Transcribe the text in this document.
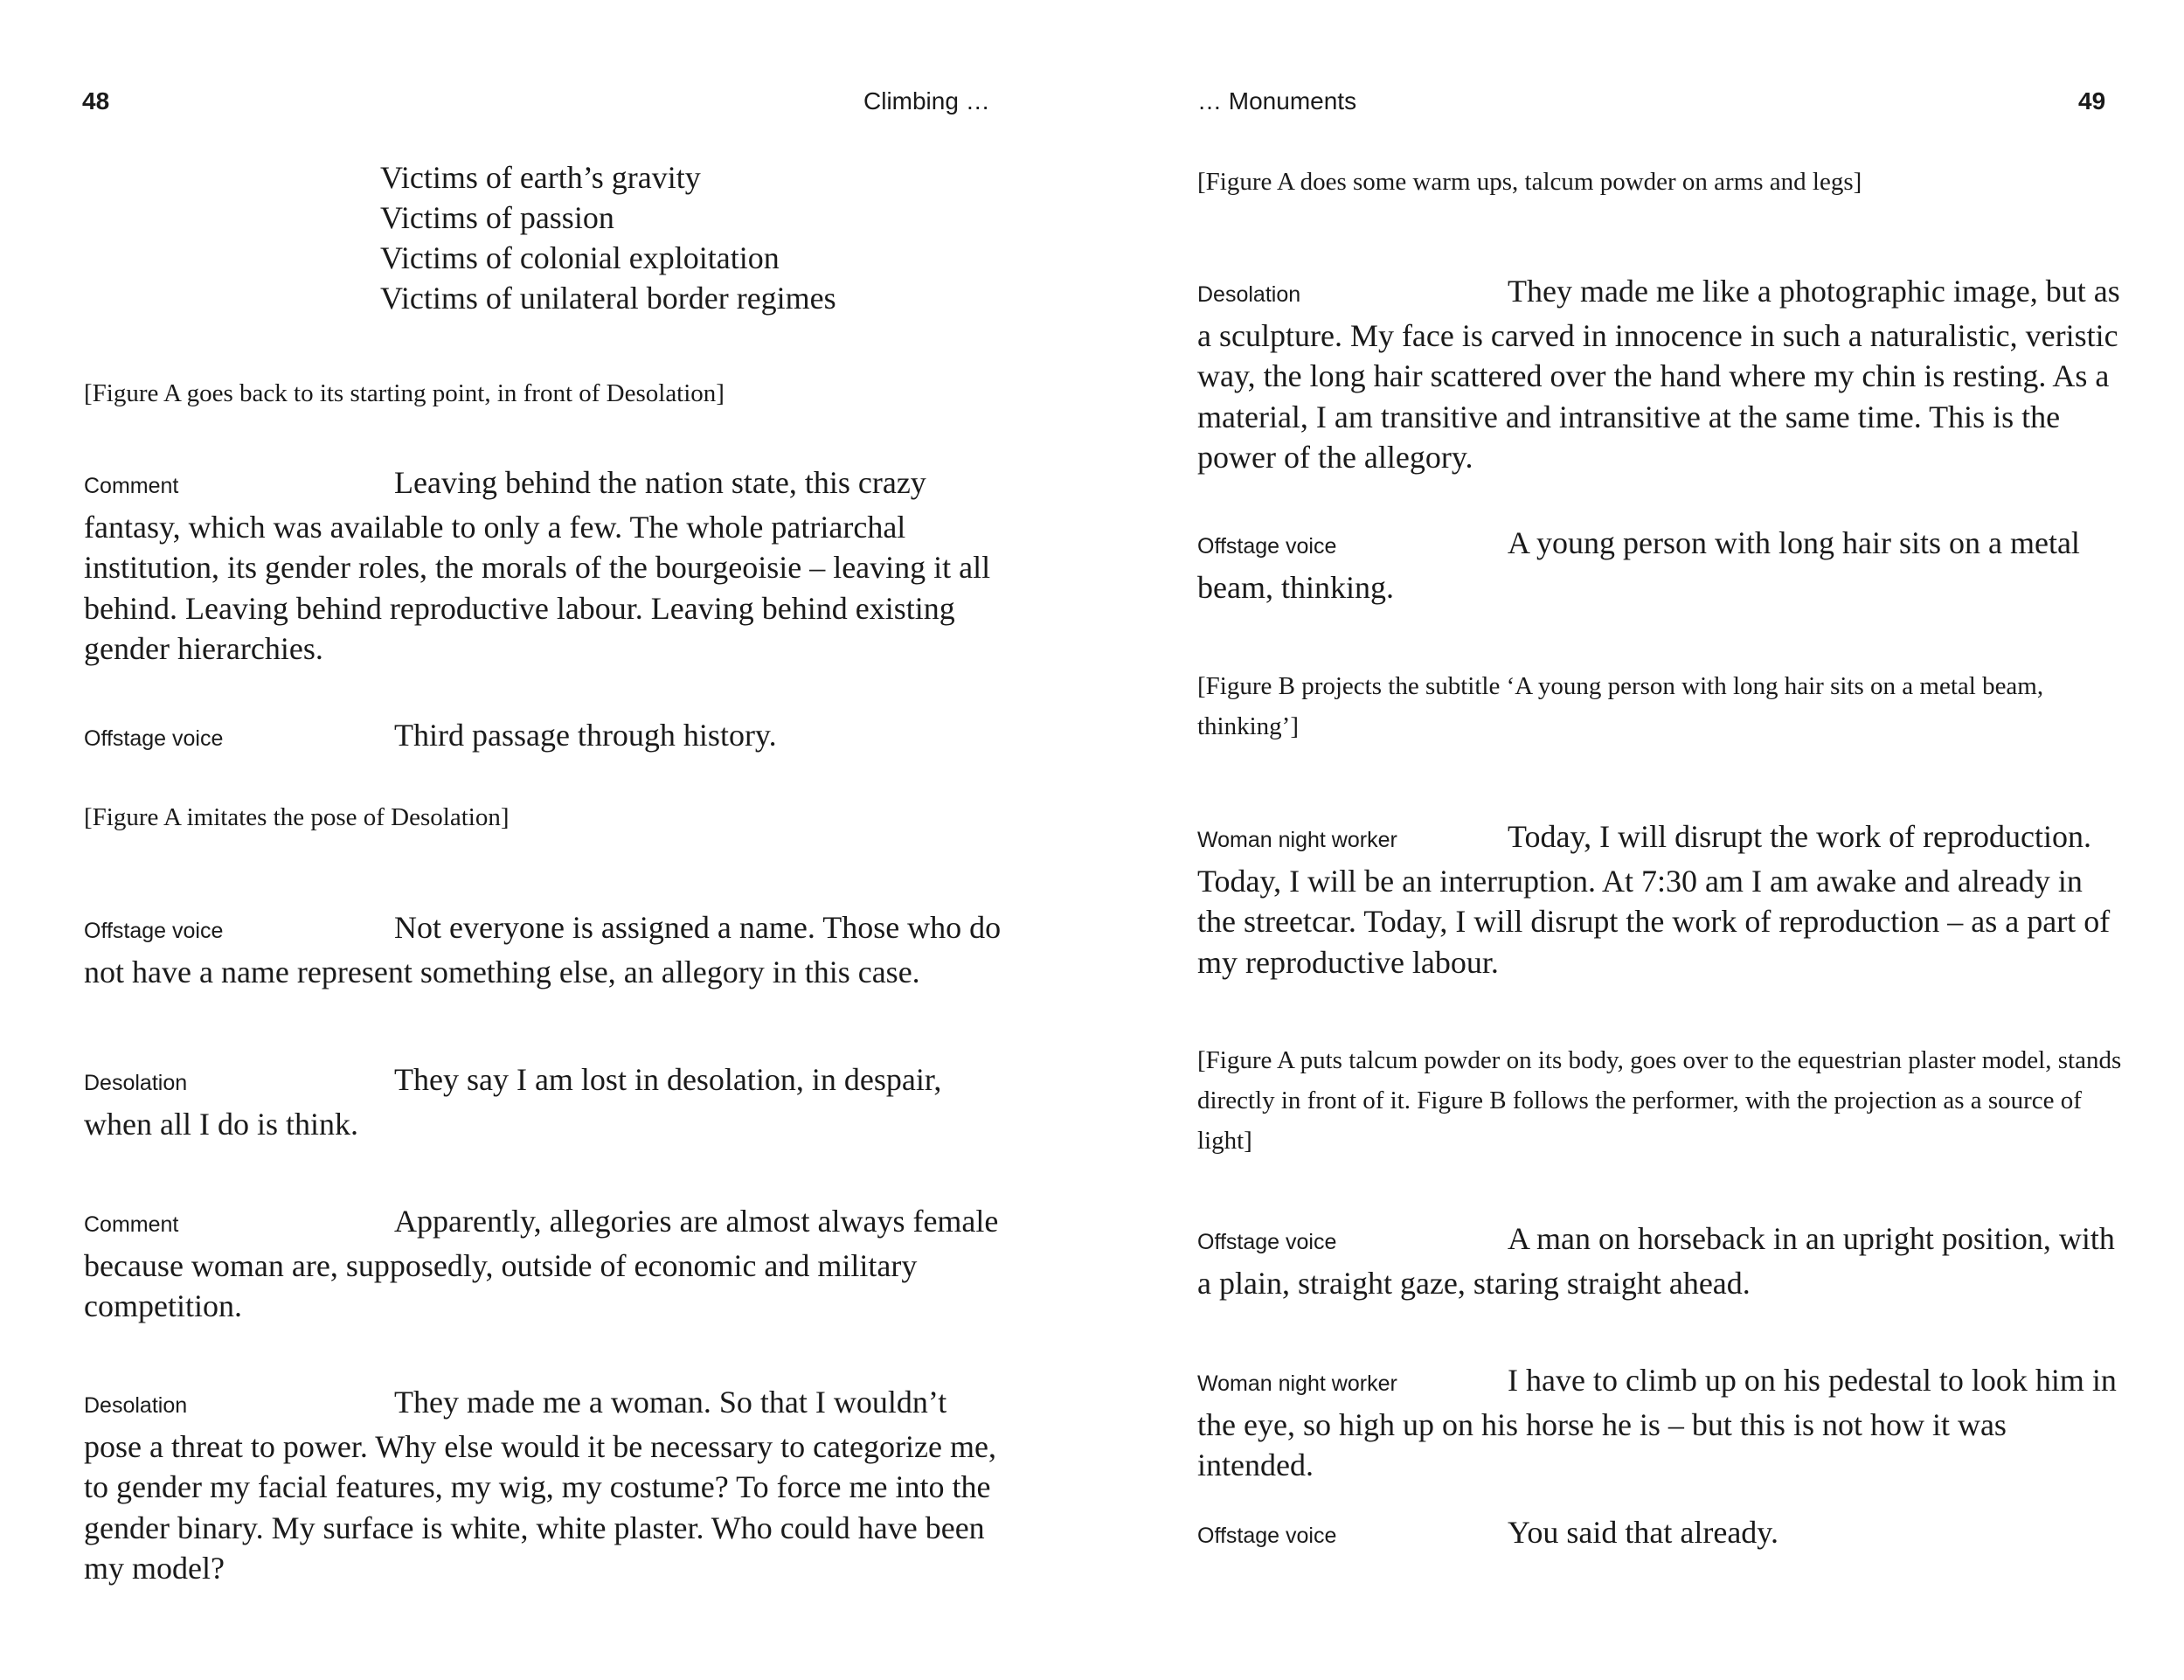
48	Climbing …
Victims of earth’s gravity
Victims of passion
Victims of colonial exploitation
Victims of unilateral border regimes
[Figure A goes back to its starting point, in front of Desolation]
Comment	Leaving behind the nation state, this crazy fantasy, which was available to only a few. The whole patriarchal institution, its gender roles, the morals of the bourgeoisie – leaving it all behind. Leaving behind reproductive labour. Leaving behind existing gender hierarchies.
Offstage voice	Third passage through history.
[Figure A imitates the pose of Desolation]
Offstage voice	Not everyone is assigned a name. Those who do not have a name represent something else, an allegory in this case.
Desolation	They say I am lost in desolation, in despair, when all I do is think.
Comment	Apparently, allegories are almost always female because woman are, supposedly, outside of economic and military competition.
Desolation	They made me a woman. So that I wouldn’t pose a threat to power. Why else would it be necessary to categorize me, to gender my facial features, my wig, my costume? To force me into the gender binary. My surface is white, white plaster. Who could have been my model?
… Monuments	49
[Figure A does some warm ups, talcum powder on arms and legs]
Desolation	They made me like a photographic image, but as a sculpture. My face is carved in innocence in such a naturalistic, veristic way, the long hair scattered over the hand where my chin is resting. As a material, I am transitive and intransitive at the same time. This is the power of the allegory.
Offstage voice	A young person with long hair sits on a metal beam, thinking.
[Figure B projects the subtitle ‘A young person with long hair sits on a metal beam, thinking’]
Woman night worker	Today, I will disrupt the work of reproduction. Today, I will be an interruption. At 7:30 am I am awake and already in the streetcar. Today, I will disrupt the work of reproduction – as a part of my reproductive labour.
[Figure A puts talcum powder on its body, goes over to the equestrian plaster model, stands directly in front of it. Figure B follows the performer, with the projection as a source of light]
Offstage voice	A man on horseback in an upright position, with a plain, straight gaze, staring straight ahead.
Woman night worker	I have to climb up on his pedestal to look him in the eye, so high up on his horse he is – but this is not how it was intended.
Offstage voice	You said that already.
